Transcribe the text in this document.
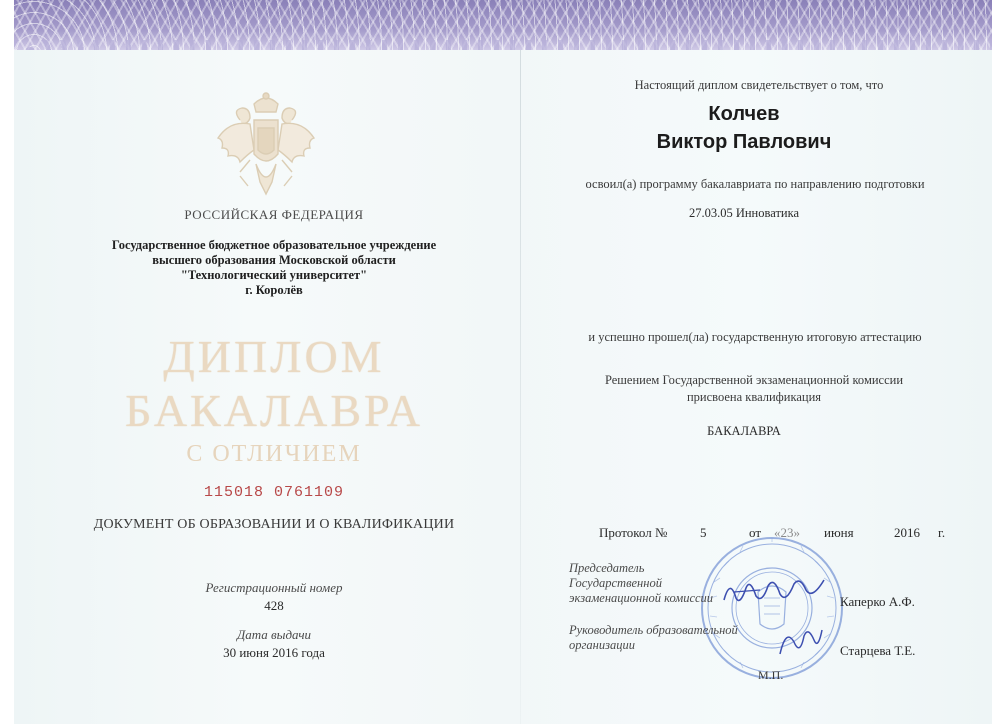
РОССИЙСКАЯ ФЕДЕРАЦИЯ
Государственное бюджетное образовательное учреждение
высшего образования Московской области
"Технологический университет"
г. Королёв
ДИПЛОМ
БАКАЛАВРА
С ОТЛИЧИЕМ
115018 0761109
ДОКУМЕНТ ОБ ОБРАЗОВАНИИ И О КВАЛИФИКАЦИИ
Регистрационный номер
428
Дата выдачи
30 июня 2016 года
Настоящий диплом свидетельствует о том, что
Колчев
Виктор Павлович
освоил(а) программу бакалавриата по направлению подготовки
27.03.05 Инноватика
и успешно прошел(ла) государственную итоговую аттестацию
Решением Государственной экзаменационной комиссии
присвоена квалификация
БАКАЛАВРА
Протокол №	5	от «23» июня	2016 г.
Председатель
Государственной
экзаменационной комиссии
Руководитель образовательной
организации
Каперко А.Ф.
Старцева Т.Е.
М.П.
